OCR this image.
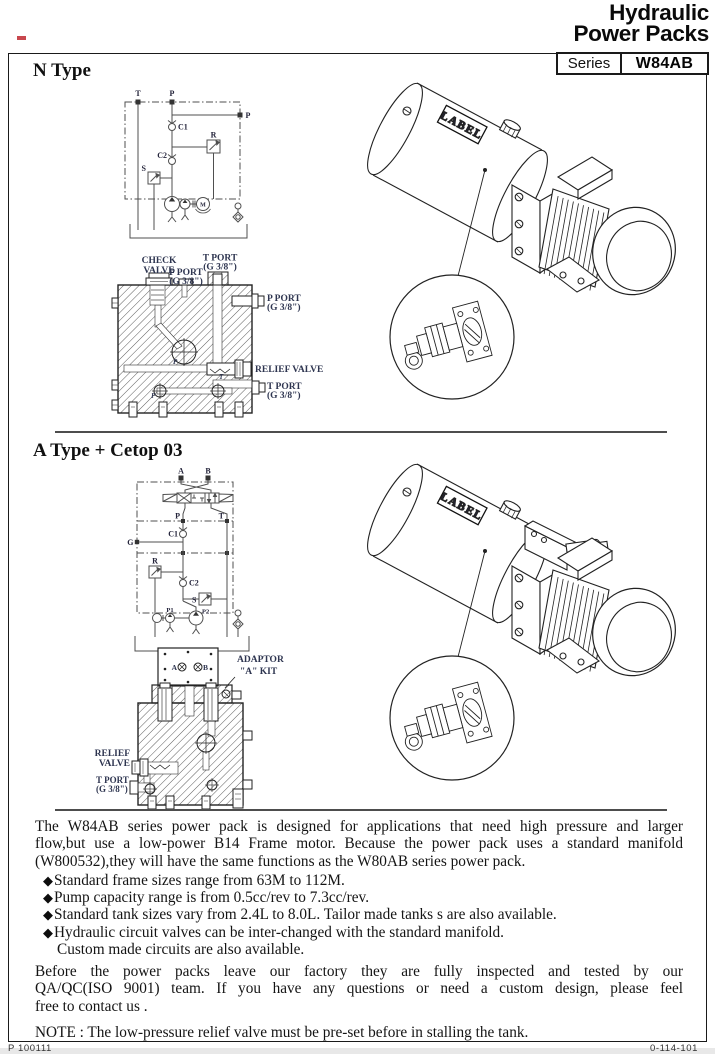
Hydraulic
Power Packs
Series	W84AB
N Type
T	P
P
C1
R
C2
S
M
CHECK
VALVE
P PORT
(G 3/8")
T PORT
(G 3/8")
P PORT
(G 3/8")
RELIEF VALVE
T PORT
(G 3/8")
P
T
P
LABEL
A Type + Cetop 03
A	B
P	T
G
C1
R
C2
S
P1	P2
A	B
ADAPTOR
"A" KIT
RELIEF
VALVE
T PORT
(G 3/8")
LABEL
The W84AB series power pack is designed for applications that need high pressure and larger
flow,but use a low-power B14 Frame motor. Because the power pack uses a standard manifold
(W800532),they will have the same functions as the W80AB series power pack.
◆ Standard frame sizes range from 63M to 112M.
◆ Pump capacity range is from 0.5cc/rev to 7.3cc/rev.
◆ Standard tank sizes vary from 2.4L to 8.0L. Tailor made tanks s are also available.
◆ Hydraulic circuit valves can be inter-changed with the standard manifold.
Custom made circuits are also available.
Before the power packs leave our factory they are fully inspected and tested by our
QA/QC(ISO 9001) team. If you have any questions or need a custom design, please feel
free to contact us .
NOTE : The low-pressure relief valve must be pre-set before in stalling the tank.
P 100111	0-114-101
